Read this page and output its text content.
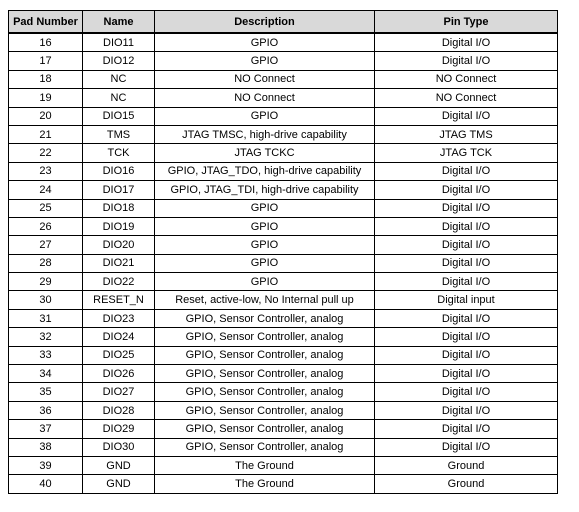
Pad Number	Name	Description	Pin Type
16	DIO11	GPIO	Digital I/O
17	DIO12	GPIO	Digital I/O
18	NC	NO Connect	NO Connect
19	NC	NO Connect	NO Connect
20	DIO15	GPIO	Digital I/O
21	TMS	JTAG TMSC, high-drive capability	JTAG TMS
22	TCK	JTAG TCKC	JTAG TCK
23	DIO16	GPIO, JTAG_TDO, high-drive capability	Digital I/O
24	DIO17	GPIO, JTAG_TDI, high-drive capability	Digital I/O
25	DIO18	GPIO	Digital I/O
26	DIO19	GPIO	Digital I/O
27	DIO20	GPIO	Digital I/O
28	DIO21	GPIO	Digital I/O
29	DIO22	GPIO	Digital I/O
30	RESET_N	Reset, active-low, No Internal pull up	Digital input
31	DIO23	GPIO, Sensor Controller, analog	Digital I/O
32	DIO24	GPIO, Sensor Controller, analog	Digital I/O
33	DIO25	GPIO, Sensor Controller, analog	Digital I/O
34	DIO26	GPIO, Sensor Controller, analog	Digital I/O
35	DIO27	GPIO, Sensor Controller, analog	Digital I/O
36	DIO28	GPIO, Sensor Controller, analog	Digital I/O
37	DIO29	GPIO, Sensor Controller, analog	Digital I/O
38	DIO30	GPIO, Sensor Controller, analog	Digital I/O
39	GND	The Ground	Ground
40	GND	The Ground	Ground
